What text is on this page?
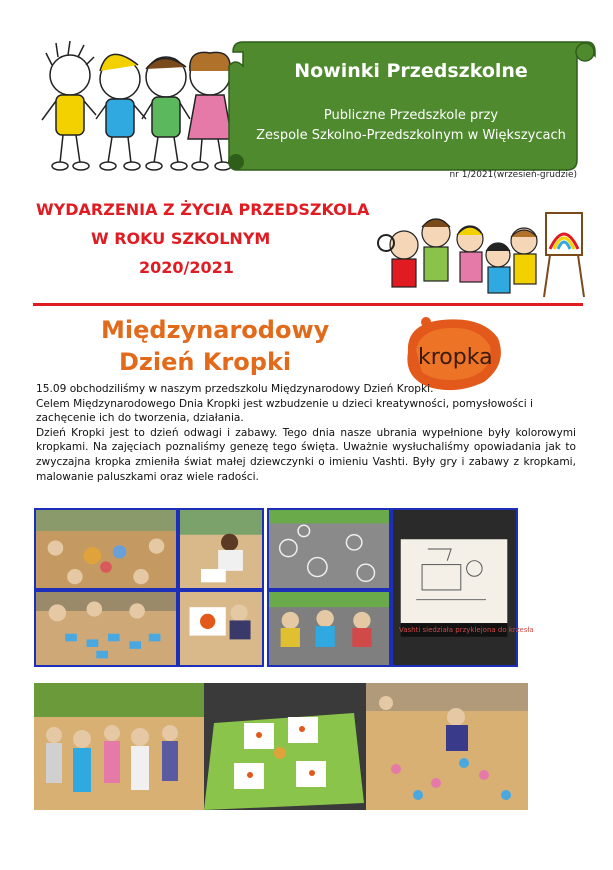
Nowinki Przedszkolne
Publiczne Przedszkole przy
Zespole Szkolno-Przedszkolnym w Większycach
nr 1/2021(wrzesień-grudzie)
WYDARZENIA Z ŻYCIA PRZEDSZKOLA
W ROKU SZKOLNYM
2020/2021
Międzynarodowy
Dzień Kropki	kropka

15.09 obchodziliśmy w naszym przedszkolu Międzynarodowy Dzień Kropki.

Celem Międzynarodowego Dnia Kropki jest wzbudzenie u dzieci kreatywności, pomysłowości i zachęcenie ich do tworzenia, działania.

Dzień Kropki jest to dzień odwagi i zabawy. Tego dnia nasze ubrania wypełnione były kolorowymi kropkami. Na zajęciach poznaliśmy genezę tego święta. Uważnie wysłuchaliśmy opowiadania jak to zwyczajna kropka zmieniła świat małej dziewczynki o imieniu Vashti. Były gry i zabawy z kropkami, malowanie paluszkami oraz wiele radości.

Vashti siedziała przyklejona do krzesła
